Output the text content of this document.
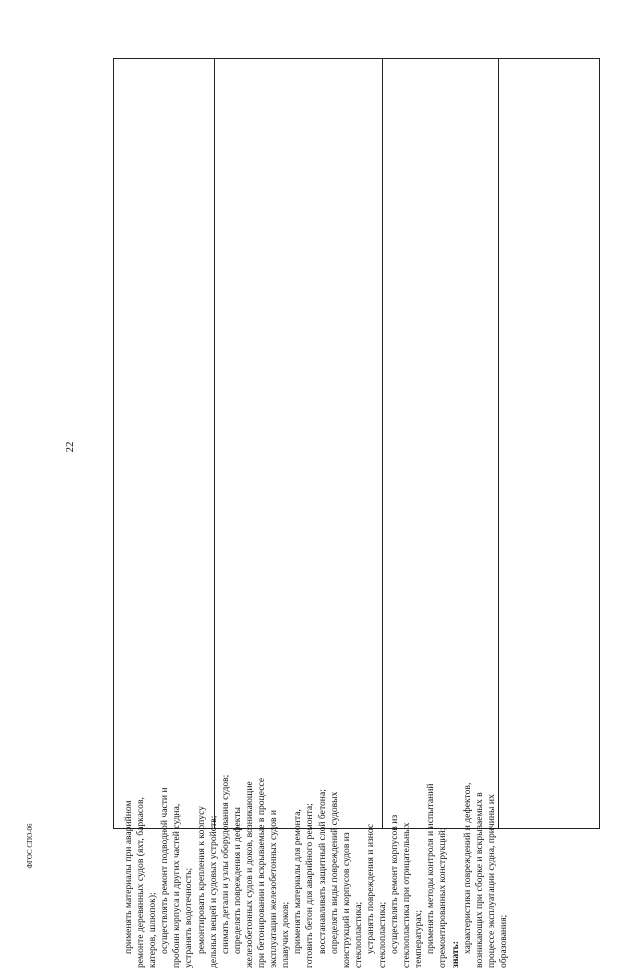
22
применять материалы при аварийном ремонте деревянных судов (яхт, баркасов, катеров, шлюпок); осуществлять ремонт подводной части и пробоин корпуса и других частей судна, устранять водотечность; ремонтировать крепления к корпусу дельных вещей и судовых устройств; снимать детали и узлы оборудования судов; определять повреждения и дефекты железобетонных судов и доков, возникающие при бетонировании и вскрываемые в процессе эксплуатации железобетонных судов и плавучих доков; применять материалы для ремонта, готовить бетон для аварийного ремонта; восстанавливать защитный слой бетона; определять виды повреждений судовых конструкций и корпусов судов из стеклопластика; устранять повреждения и износ стеклопластика; осуществлять ремонт корпусов из стеклопластика при отрицательных температурах; применять методы контроля и испытаний отремонтированных конструкций; знать:
характеристики повреждений и дефектов, возникающих при сборке и вскрываемых в процессе эксплуатации судна, причины их образования;
ФГОС СПО-06
